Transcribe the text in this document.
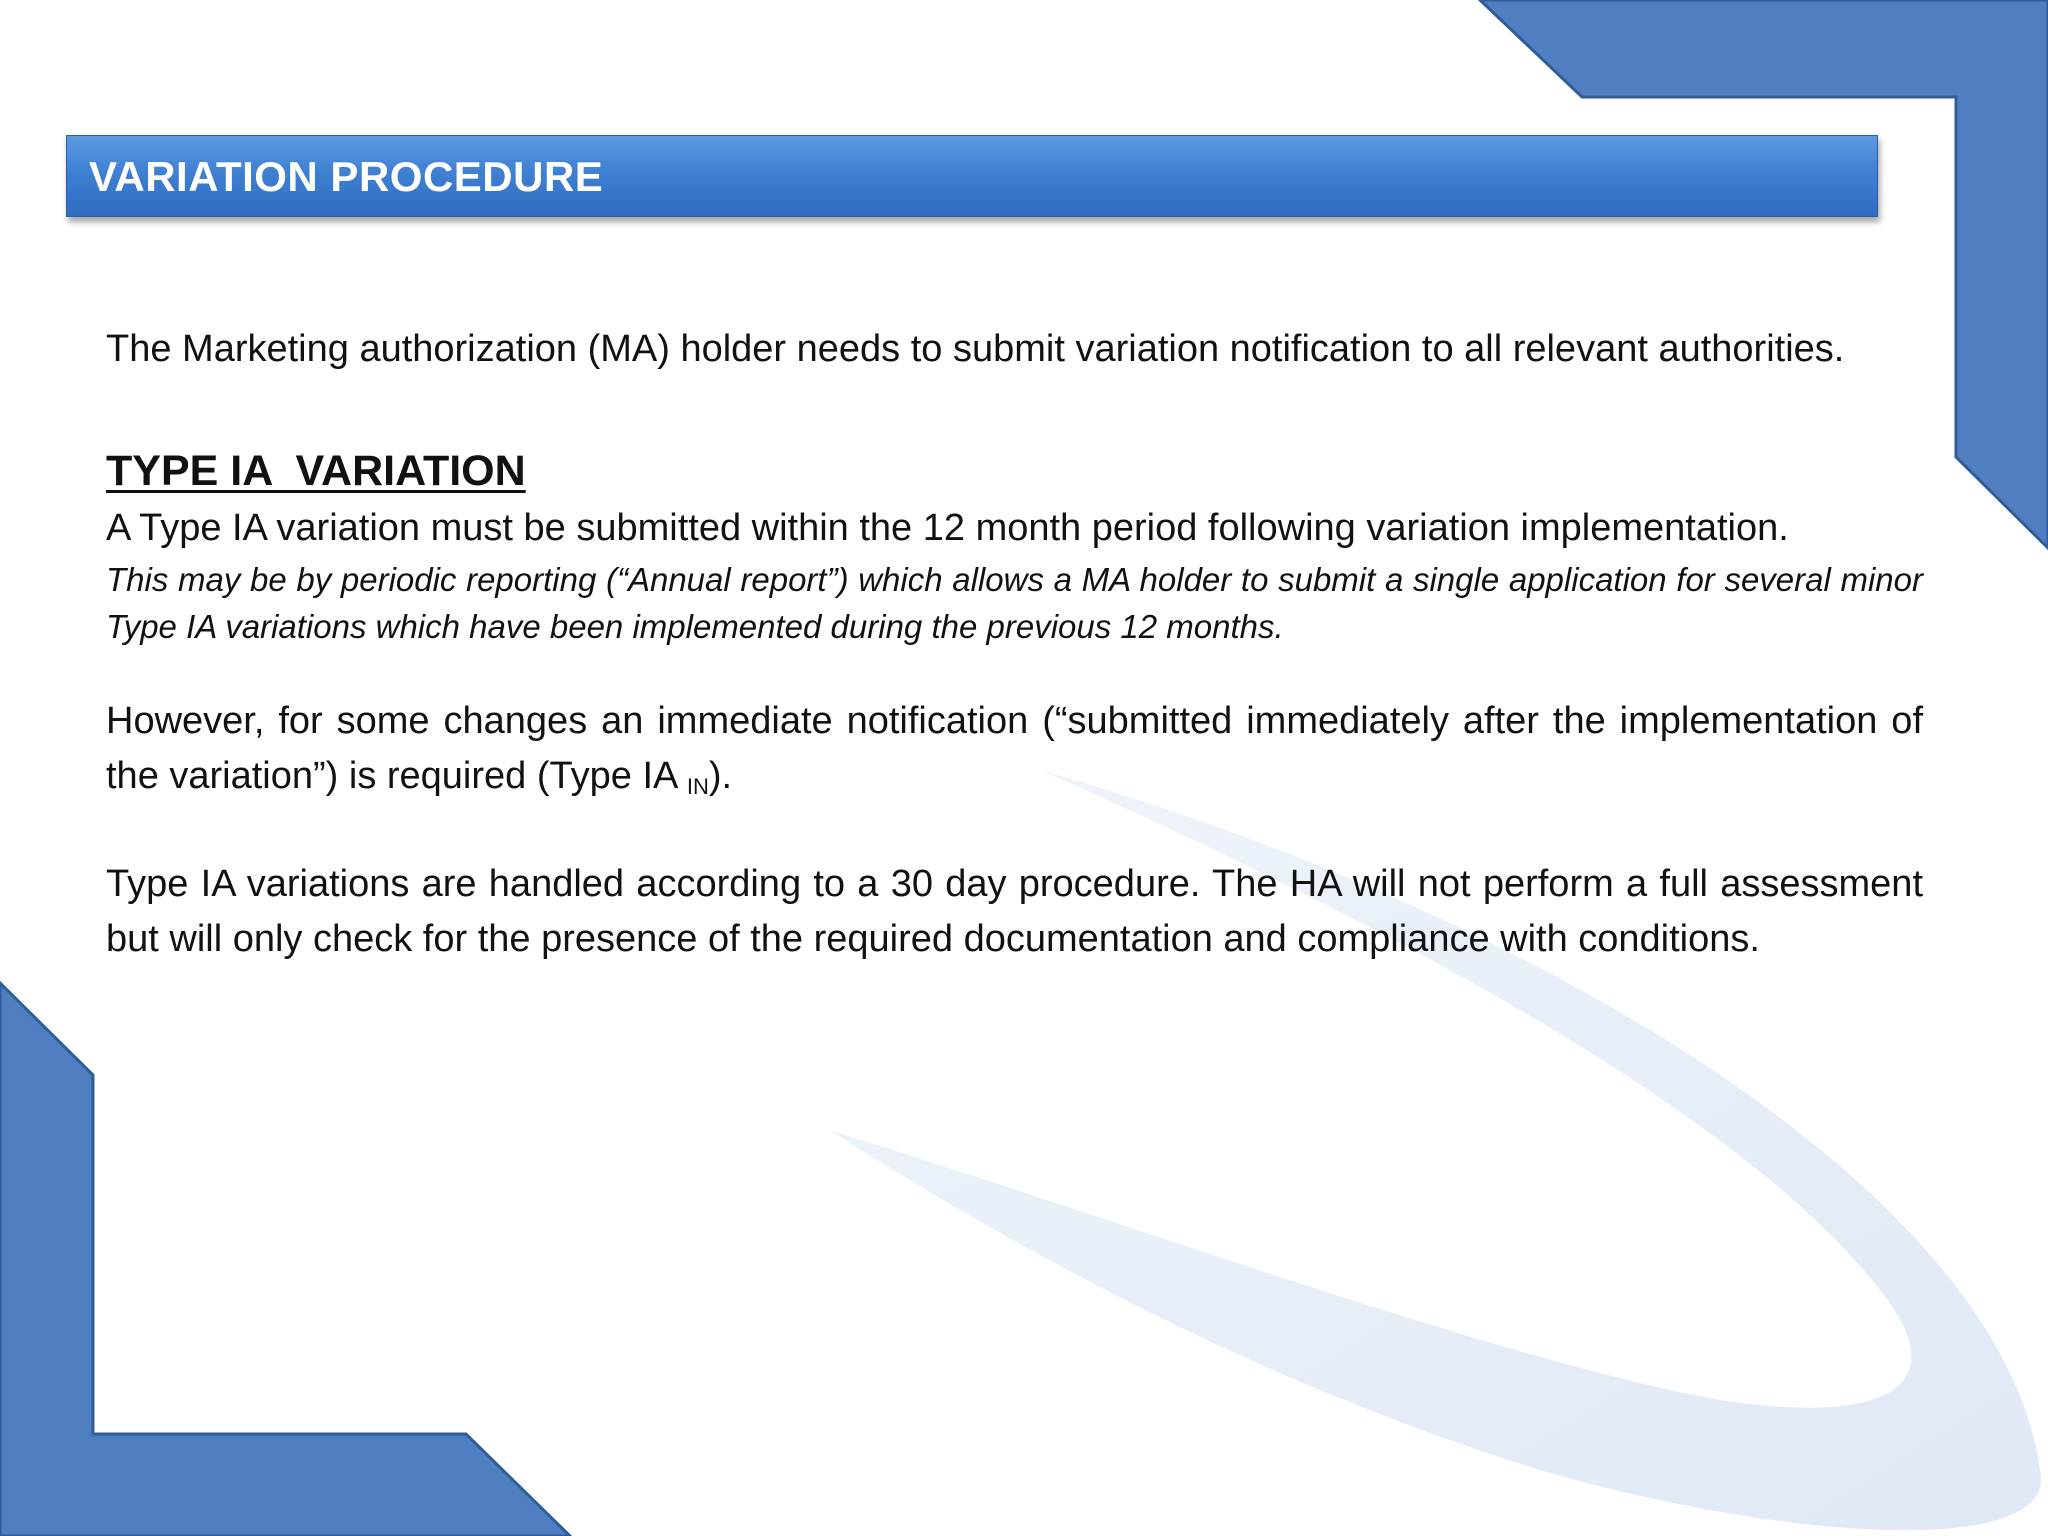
VARIATION PROCEDURE

The Marketing authorization (MA) holder needs to submit variation notification to all relevant authorities.

TYPE IA  VARIATION

A Type IA variation must be submitted within the 12 month period following variation implementation.

This may be by periodic reporting (“Annual report”) which allows a MA holder to submit a single application for several minor Type IA variations which have been implemented during the previous 12 months.

However, for some changes an immediate notification (“submitted immediately after the implementation of the variation”) is required (Type IA $_{IN}$).

Type IA variations are handled according to a 30 day procedure. The HA will not perform a full assessment but will only check for the presence of the required documentation and compliance with conditions.
